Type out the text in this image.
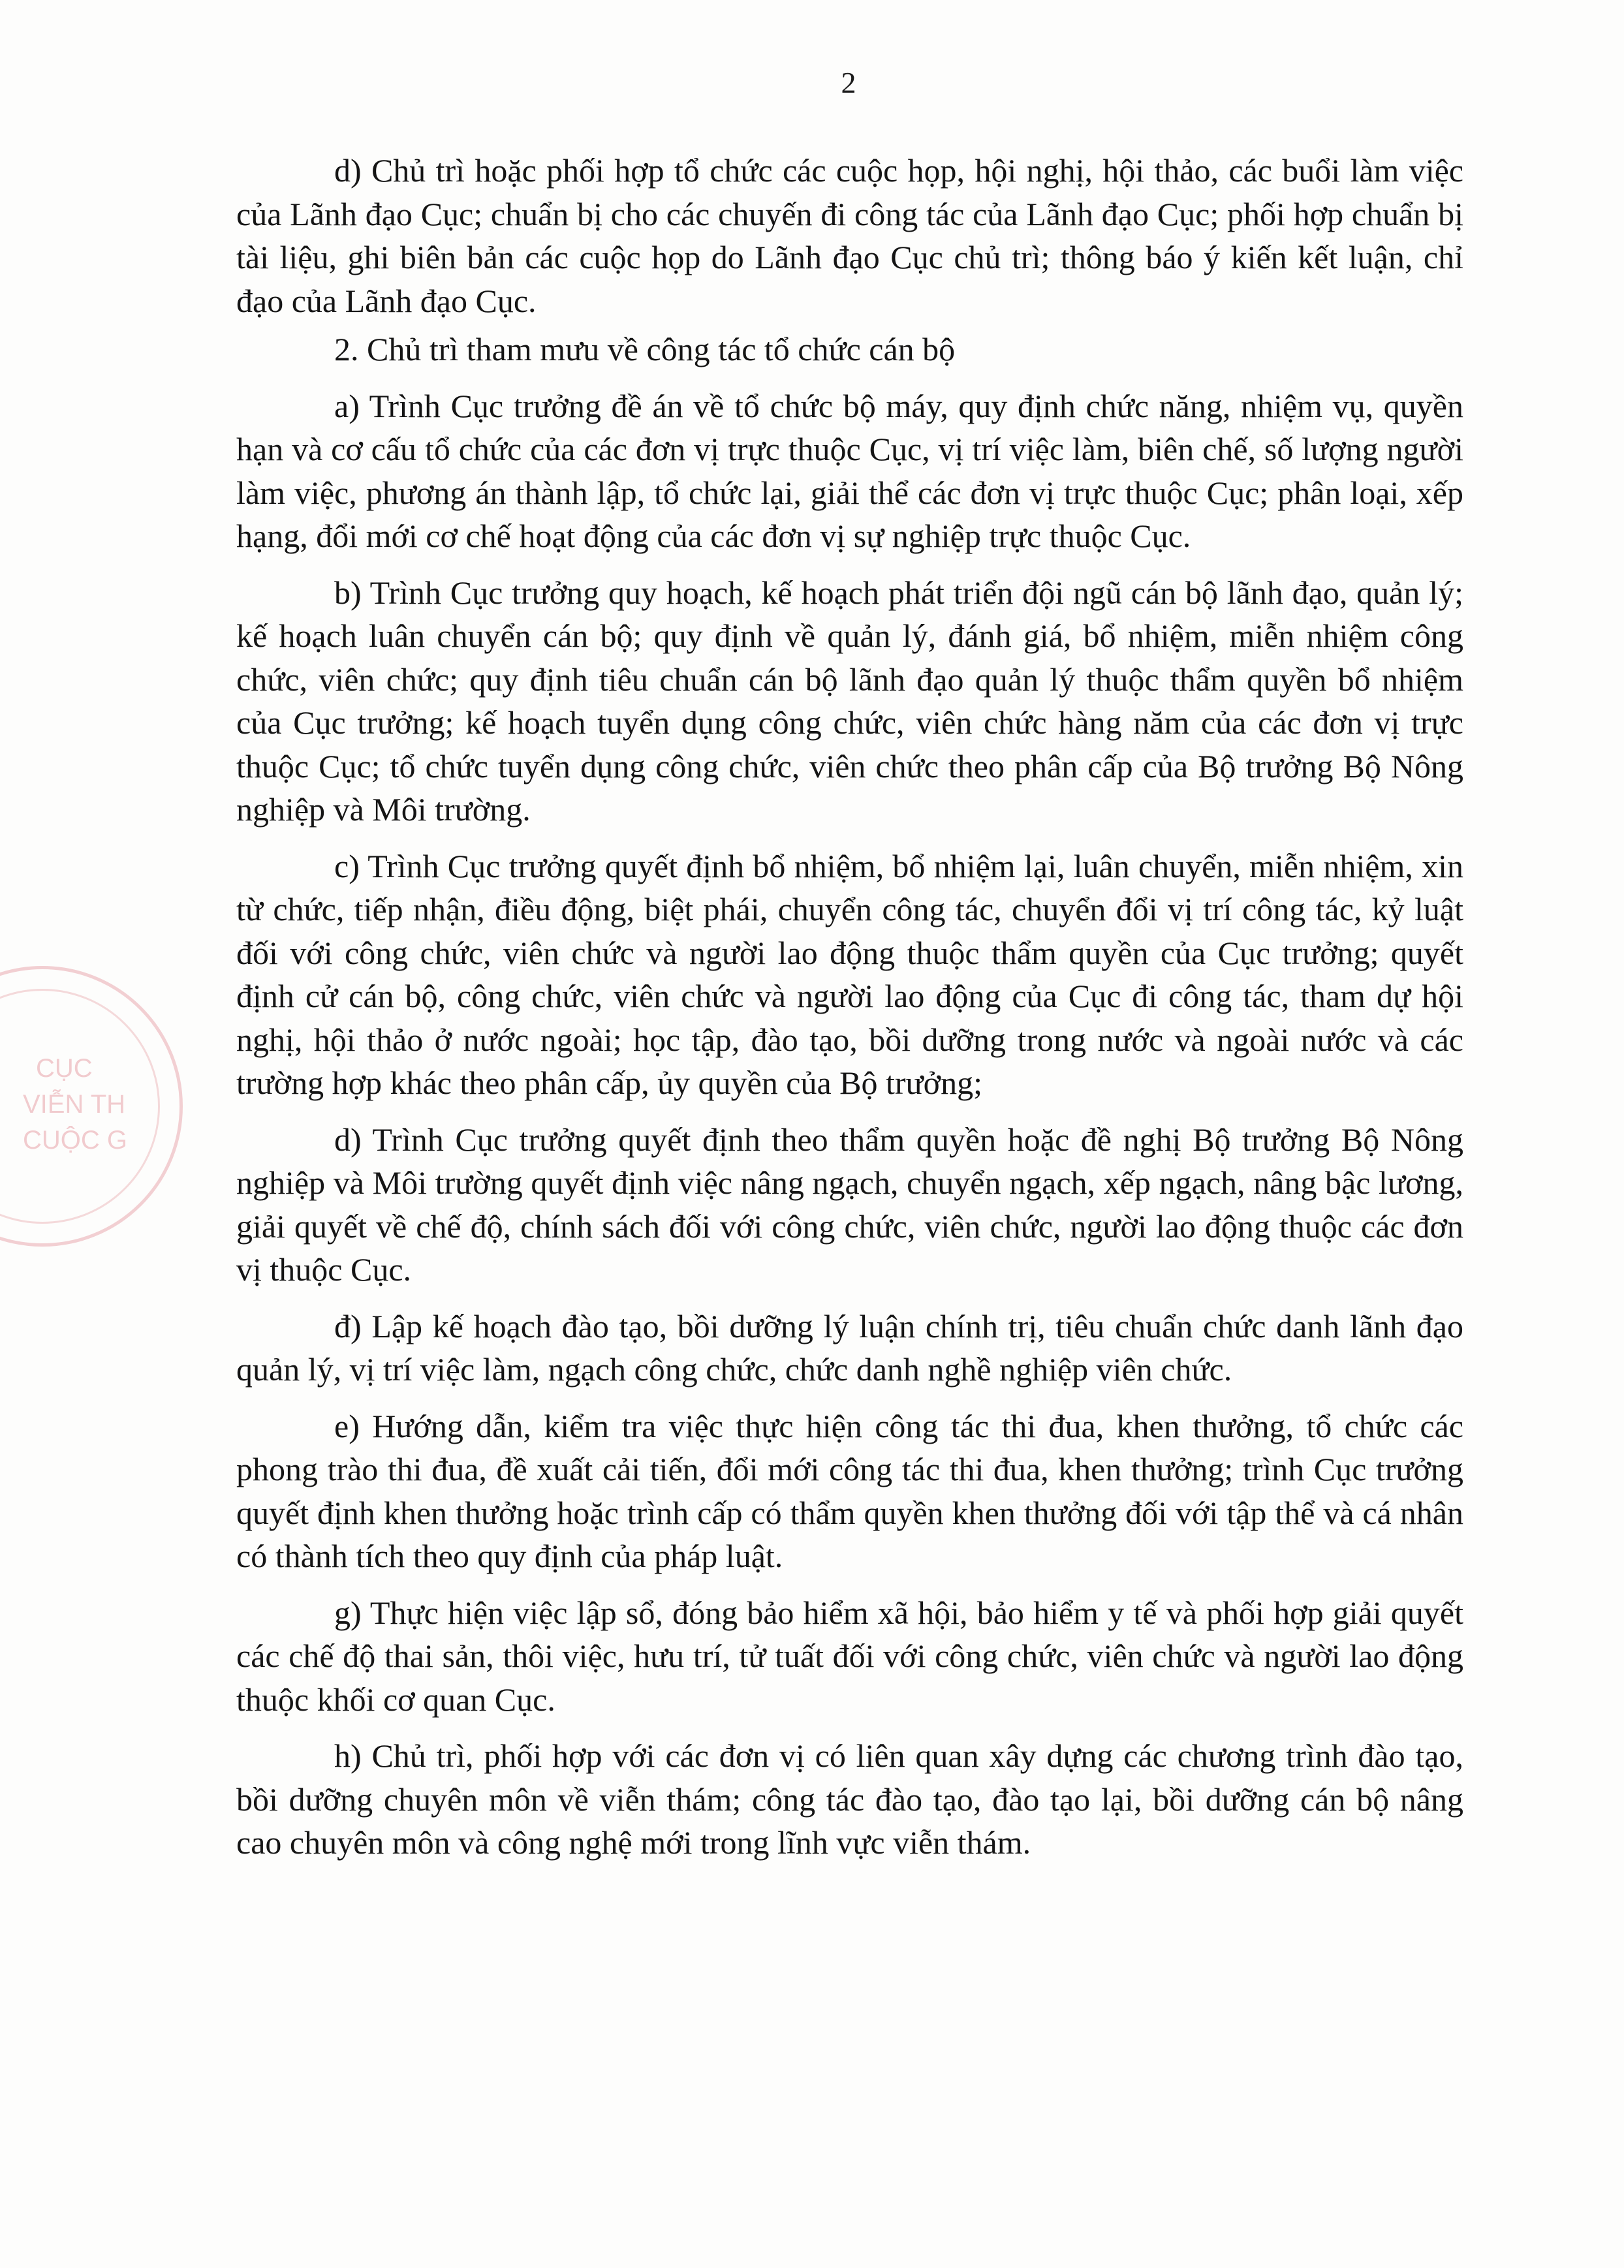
CỤC
VIỄN TH
CUỘC G
2

d) Chủ trì hoặc phối hợp tổ chức các cuộc họp, hội nghị, hội thảo, các buổi làm việc của Lãnh đạo Cục; chuẩn bị cho các chuyến đi công tác của Lãnh đạo Cục; phối hợp chuẩn bị tài liệu, ghi biên bản các cuộc họp do Lãnh đạo Cục chủ trì; thông báo ý kiến kết luận, chỉ đạo của Lãnh đạo Cục.

2. Chủ trì tham mưu về công tác tổ chức cán bộ

a) Trình Cục trưởng đề án về tổ chức bộ máy, quy định chức năng, nhiệm vụ, quyền hạn và cơ cấu tổ chức của các đơn vị trực thuộc Cục, vị trí việc làm, biên chế, số lượng người làm việc, phương án thành lập, tổ chức lại, giải thể các đơn vị trực thuộc Cục; phân loại, xếp hạng, đổi mới cơ chế hoạt động của các đơn vị sự nghiệp trực thuộc Cục.

b) Trình Cục trưởng quy hoạch, kế hoạch phát triển đội ngũ cán bộ lãnh đạo, quản lý; kế hoạch luân chuyển cán bộ; quy định về quản lý, đánh giá, bổ nhiệm, miễn nhiệm công chức, viên chức; quy định tiêu chuẩn cán bộ lãnh đạo quản lý thuộc thẩm quyền bổ nhiệm của Cục trưởng; kế hoạch tuyển dụng công chức, viên chức hàng năm của các đơn vị trực thuộc Cục; tổ chức tuyển dụng công chức, viên chức theo phân cấp của Bộ trưởng Bộ Nông nghiệp và Môi trường.

c) Trình Cục trưởng quyết định bổ nhiệm, bổ nhiệm lại, luân chuyển, miễn nhiệm, xin từ chức, tiếp nhận, điều động, biệt phái, chuyển công tác, chuyển đổi vị trí công tác, kỷ luật đối với công chức, viên chức và người lao động thuộc thẩm quyền của Cục trưởng; quyết định cử cán bộ, công chức, viên chức và người lao động của Cục đi công tác, tham dự hội nghị, hội thảo ở nước ngoài; học tập, đào tạo, bồi dưỡng trong nước và ngoài nước và các trường hợp khác theo phân cấp, ủy quyền của Bộ trưởng;

d) Trình Cục trưởng quyết định theo thẩm quyền hoặc đề nghị Bộ trưởng Bộ Nông nghiệp và Môi trường quyết định việc nâng ngạch, chuyển ngạch, xếp ngạch, nâng bậc lương, giải quyết về chế độ, chính sách đối với công chức, viên chức, người lao động thuộc các đơn vị thuộc Cục.

đ) Lập kế hoạch đào tạo, bồi dưỡng lý luận chính trị, tiêu chuẩn chức danh lãnh đạo quản lý, vị trí việc làm, ngạch công chức, chức danh nghề nghiệp viên chức.

e) Hướng dẫn, kiểm tra việc thực hiện công tác thi đua, khen thưởng, tổ chức các phong trào thi đua, đề xuất cải tiến, đổi mới công tác thi đua, khen thưởng; trình Cục trưởng quyết định khen thưởng hoặc trình cấp có thẩm quyền khen thưởng đối với tập thể và cá nhân có thành tích theo quy định của pháp luật.

g) Thực hiện việc lập sổ, đóng bảo hiểm xã hội, bảo hiểm y tế và phối hợp giải quyết các chế độ thai sản, thôi việc, hưu trí, tử tuất đối với công chức, viên chức và người lao động thuộc khối cơ quan Cục.

h) Chủ trì, phối hợp với các đơn vị có liên quan xây dựng các chương trình đào tạo, bồi dưỡng chuyên môn về viễn thám; công tác đào tạo, đào tạo lại, bồi dưỡng cán bộ nâng cao chuyên môn và công nghệ mới trong lĩnh vực viễn thám.
